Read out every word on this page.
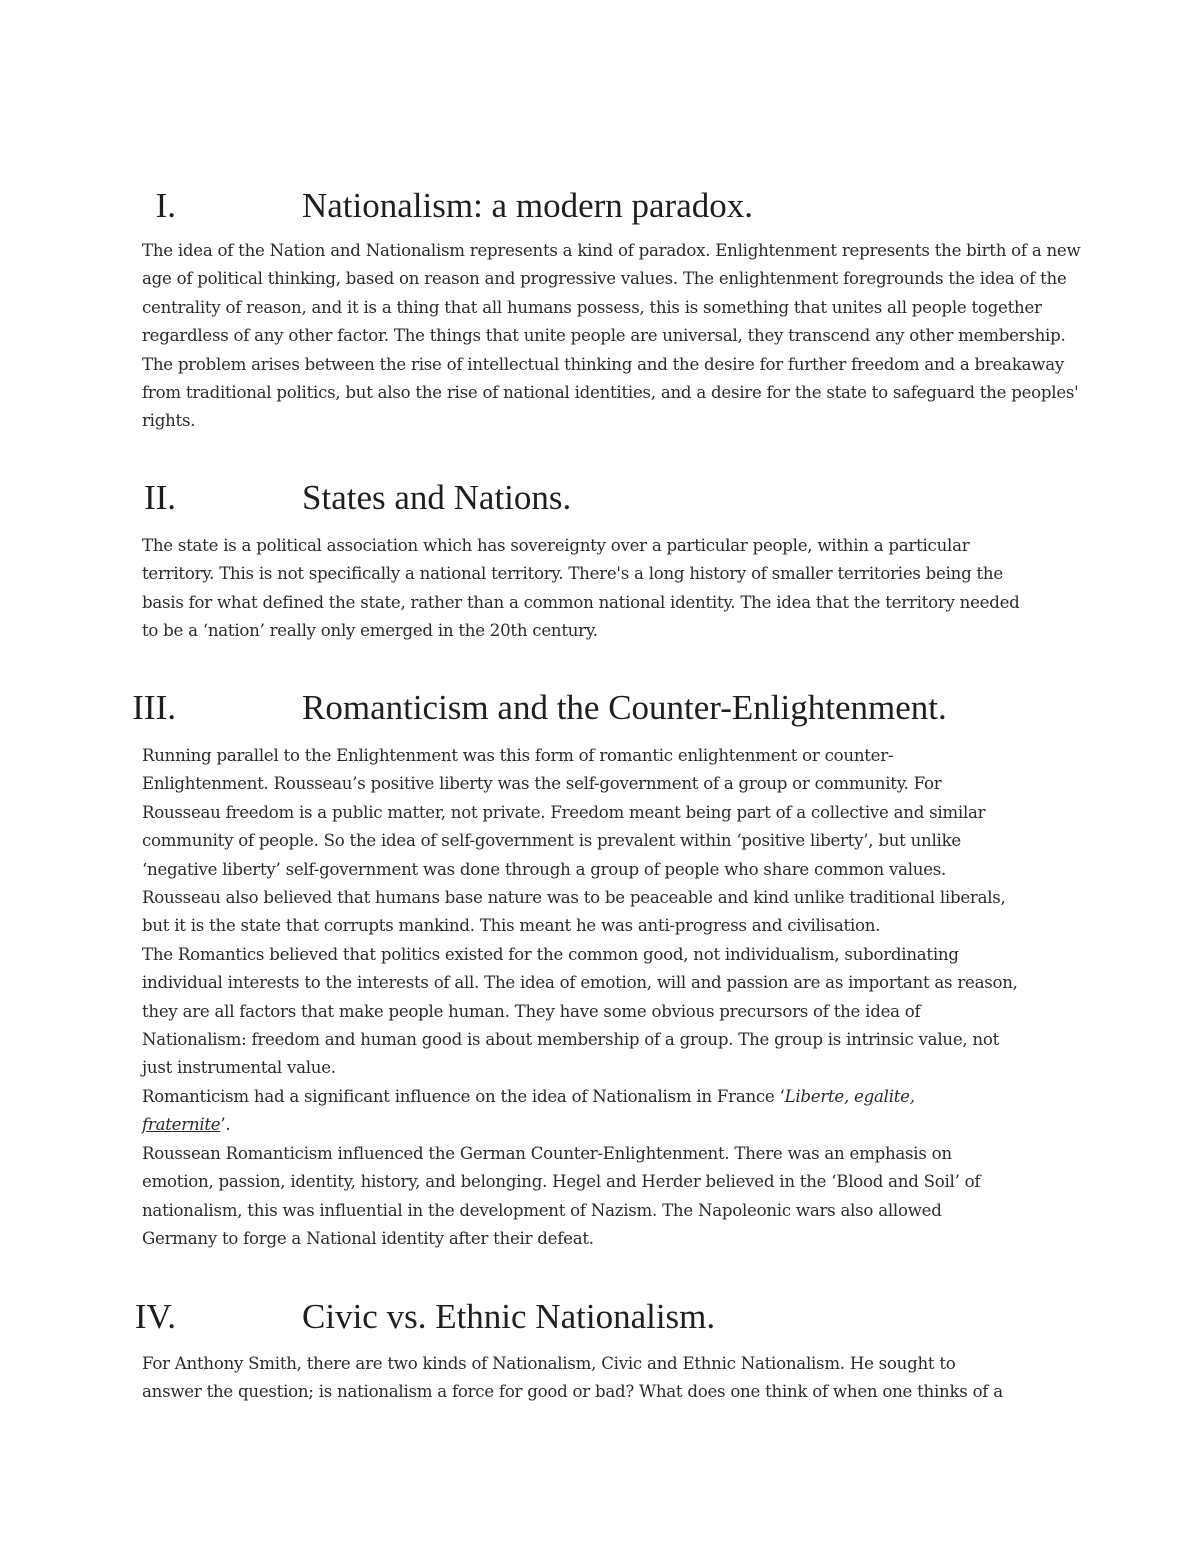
I.	Nationalism: a modern paradox.
The idea of the Nation and Nationalism represents a kind of paradox. Enlightenment represents the birth of a new
age of political thinking, based on reason and progressive values. The enlightenment foregrounds the idea of the
centrality of reason, and it is a thing that all humans possess, this is something that unites all people together
regardless of any other factor. The things that unite people are universal, they transcend any other membership.
The problem arises between the rise of intellectual thinking and the desire for further freedom and a breakaway
from traditional politics, but also the rise of national identities, and a desire for the state to safeguard the peoples'
rights.
II.	States and Nations.
The state is a political association which has sovereignty over a particular people, within a particular
territory. This is not specifically a national territory. There's a long history of smaller territories being the
basis for what defined the state, rather than a common national identity. The idea that the territory needed
to be a ‘nation’ really only emerged in the 20th century.
III.	Romanticism and the Counter-Enlightenment.
Running parallel to the Enlightenment was this form of romantic enlightenment or counter-
Enlightenment. Rousseau’s positive liberty was the self-government of a group or community. For
Rousseau freedom is a public matter, not private. Freedom meant being part of a collective and similar
community of people. So the idea of self-government is prevalent within ‘positive liberty’, but unlike
‘negative liberty’ self-government was done through a group of people who share common values.
Rousseau also believed that humans base nature was to be peaceable and kind unlike traditional liberals,
but it is the state that corrupts mankind. This meant he was anti-progress and civilisation.
The Romantics believed that politics existed for the common good, not individualism, subordinating
individual interests to the interests of all. The idea of emotion, will and passion are as important as reason,
they are all factors that make people human. They have some obvious precursors of the idea of
Nationalism: freedom and human good is about membership of a group. The group is intrinsic value, not
just instrumental value.
Romanticism had a significant influence on the idea of Nationalism in France ‘Liberte, egalite,
fraternite’.
Roussean Romanticism influenced the German Counter-Enlightenment. There was an emphasis on
emotion, passion, identity, history, and belonging. Hegel and Herder believed in the ‘Blood and Soil’ of
nationalism, this was influential in the development of Nazism. The Napoleonic wars also allowed
Germany to forge a National identity after their defeat.
IV.	Civic vs. Ethnic Nationalism.
For Anthony Smith, there are two kinds of Nationalism, Civic and Ethnic Nationalism. He sought to
answer the question; is nationalism a force for good or bad? What does one think of when one thinks of a
